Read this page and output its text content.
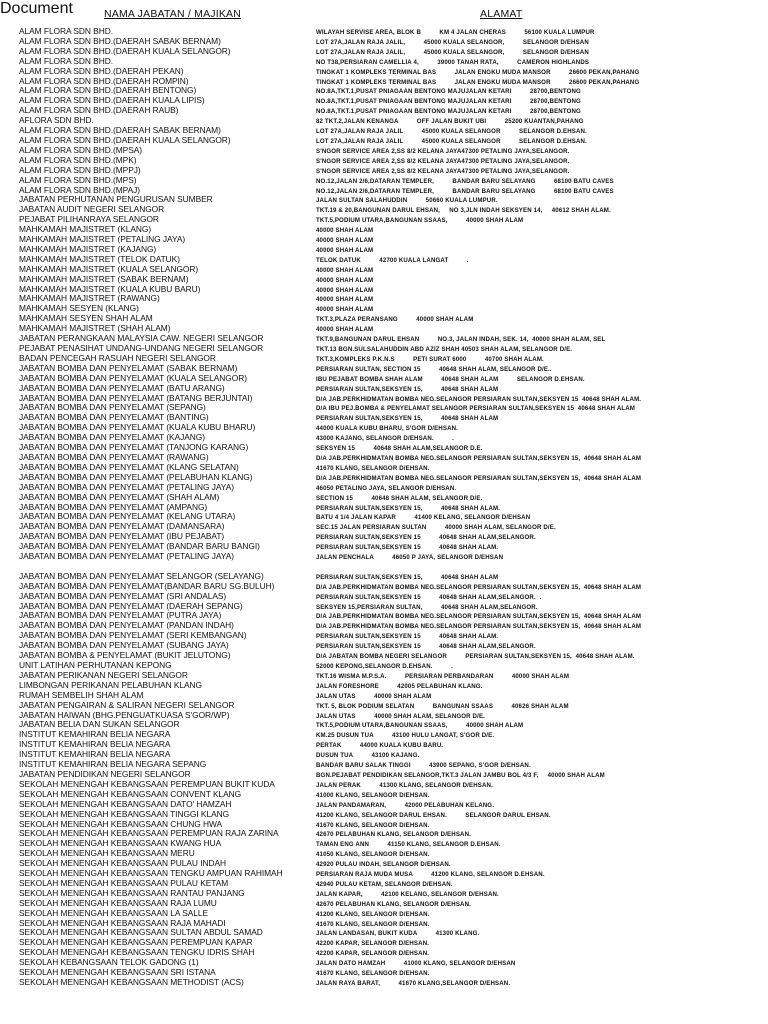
Document	NAMA JABATAN / MAJIKAN	ALAMAT
ALAM FLORA SDN BHD.	WILAYAH SERVISE AREA, BLOK B          KM 4 JALAN CHERAS          56100 KUALA LUMPUR
ALAM FLORA SDN BHD.(DAERAH SABAK BERNAM)	LOT 27A,JALAN RAJA JALIL,          45000 KUALA SELANGOR,          SELANGOR D/EHSAN
ALAM FLORA SDN BHD.(DAERAH KUALA SELANGOR)	LOT 27A,JALAN RAJA JALIL,          45000 KUALA SELANGOR,          SELANGOR D/EHSAN
ALAM FLORA SDN BHD.	NO T38,PERSIARAN CAMELLIA 4,          39000 TANAH RATA,          CAMERON HIGHLANDS
ALAM FLORA SDN BHD.(DAERAH PEKAN)	TINGKAT 1 KOMPLEKS TERMINAL BAS          JALAN ENGKU MUDA MANSOR          26600 PEKAN,PAHANG
ALAM FLORA SDN BHD.(DAERAH ROMPIN)	TINGKAT 1 KOMPLEKS TERMINAL BAS          JALAN ENGKU MUDA MANSOR          26600 PEKAN,PAHANG
ALAM FLORA SDN BHD.(DAERAH BENTONG)	NO.8A,TKT.1,PUSAT PNIAGAAN BENTONG MAJUJALAN KETARI          28700,BENTONG
ALAM FLORA SDN BHD.(DAERAH KUALA LIPIS)	NO.8A,TKT.1,PUSAT PNIAGAAN BENTONG MAJUJALAN KETARI          28700,BENTONG
ALAM FLORA SDN BHD.(DAERAH RAUB)	NO.8A,TKT.1,PUSAT PNIAGAAN BENTONG MAJUJALAN KETARI          28700,BENTONG
AFLORA SDN BHD.	82 TKT.2,JALAN KENANGA          OFF JALAN BUKIT UBI          25200 KUANTAN,PAHANG
ALAM FLORA SDN BHD.(DAERAH SABAK BERNAM)	LOT 27A,JALAN RAJA JALIL          45000 KUALA SELANGOR          SELANGOR D.EHSAN.
ALAM FLORA SDN BHD.(DAERAH KUALA SELANGOR)	LOT 27A,JALAN RAJA JALIL          45000 KUALA SELANGOR          SELANGOR D.EHSAN.
ALAM FLORA SDN BHD.(MPSA)	S'NGOR SERVICE AREA 2,SS 8/2 KELANA JAYA47300 PETALING JAYA,SELANGOR.
ALAM FLORA SDN BHD.(MPK)	S'NGOR SERVICE AREA 2,SS 8/2 KELANA JAYA47300 PETALING JAYA,SELANGOR.
ALAM FLORA SDN BHD.(MPPJ)	S'NGOR SERVICE AREA 2,SS 8/2 KELANA JAYA47300 PETALING JAYA,SELANGOR.
ALAM FLORA SDN BHD.(MPS)	NO.12,JALAN 2/6,DATARAN TEMPLER,          BANDAR BARU SELAYANG          68100 BATU CAVES
ALAM FLORA SDN BHD.(MPAJ)	NO.12,JALAN 2/6,DATARAN TEMPLER,          BANDAR BARU SELAYANG          68100 BATU CAVES
JABATAN PERHUTANAN PENGURUSAN SUMBER	JALAN SULTAN SALAHUDDIN          50660 KUALA LUMPUR.
JABATAN AUDIT NEGERI SELANGOR	TKT.19 & 20,BANGUNAN DARUL EHSAN,     NO 3,JLN INDAH SEKSYEN 14,     40612 SHAH ALAM.
PEJABAT PILIHANRAYA SELANGOR	TKT.5,PODIUM UTARA,BANGUNAN SSAAS,          40000 SHAH ALAM
MAHKAMAH MAJISTRET (KLANG)	40000 SHAH ALAM
MAHKAMAH MAJISTRET (PETALING JAYA)	40000 SHAH ALAM
MAHKAMAH MAJISTRET (KAJANG)	40000 SHAH ALAM
MAHKAMAH MAJISTRET (TELOK DATUK)	TELOK DATUK          42700 KUALA LANGAT          .
MAHKAMAH MAJISTRET (KUALA SELANGOR)	40000 SHAH ALAM
MAHKAMAH MAJISTRET (SABAK BERNAM)	40000 SHAH ALAM
MAHKAMAH MAJISTRET (KUALA KUBU BARU)	40000 SHAH ALAM
MAHKAMAH MAJISTRET (RAWANG)	40000 SHAH ALAM
MAHKAMAH SESYEN (KLANG)	40000 SHAH ALAM
MAHKAMAH SESYEN SHAH ALAM	TKT.3,PLAZA PERANSANG          40000 SHAH ALAM
MAHKAMAH MAJISTRET (SHAH ALAM)	40000 SHAH ALAM
JABATAN PERANGKAAN MALAYSIA CAW. NEGERI SELANGOR	TKT.9,BANGUNAN DARUL EHSAN          NO.3, JALAN INDAH, SEK. 14,  40000 SHAH ALAM, SEL
PEJABAT PENASIHAT UNDANG-UNDANG NEGERI SELANGOR	TKT.13 BGN.SULSALAHUDDIN ABD AZIZ SHAH 40503 SHAH ALAM, SELANGOR D/E.
BADAN PENCEGAH RASUAH NEGERI SELANGOR	TKT.3,KOMPLEKS P.K.N.S          PETI SURAT 6000          40700 SHAH ALAM.
JABATAN BOMBA DAN PENYELAMAT (SABAK BERNAM)	PERSIARAN SULTAN, SECTION 15          40648 SHAH ALAM, SELANGOR D/E..
JABATAN BOMBA DAN PENYELAMAT (KUALA SELANGOR)	IBU PEJABAT BOMBA SHAH ALAM          40648 SHAH ALAM          SELANGOR D.EHSAN.
JABATAN BOMBA DAN PENYELAMAT (BATU ARANG)	PERSIARAN SULTAN,SEKSYEN 15,          40648 SHAH ALAM
JABATAN BOMBA DAN PENYELAMAT (BATANG BERJUNTAI)	D/A JAB.PERKHIDMATAN BOMBA NEG.SELANGOR PERSIARAN SULTAN,SEKSYEN 15  40648 SHAH ALAM.
JABATAN BOMBA DAN PENYELAMAT (SEPANG)	D/A IBU PEJ.BOMBA & PENYELAMAT SELANGOR PERSIARAN SULTAN,SEKSYEN 15  40648 SHAH ALAM
JABATAN BOMBA DAN PENYELAMAT (BANTING)	PERSIARAN SULTAN,SEKSYEN 15,          40648 SHAH ALAM
JABATAN BOMBA DAN PENYELAMAT (KUALA KUBU BHARU)	44000 KUALA KUBU BHARU, S'GOR D/EHSAN.
JABATAN BOMBA DAN PENYELAMAT (KAJANG)	43000 KAJANG, SELANGOR D/EHSAN.          .
JABATAN BOMBA DAN PENYELAMAT (TANJONG KARANG)	SEKSYEN 15          40648 SHAH ALAM,SELANGOR D.E.
JABATAN BOMBA DAN PENYELAMAT (RAWANG)	D/A JAB.PERKHIDMATAN BOMBA NEG.SELANGOR PERSIARAN SULTAN,SEKSYEN 15,  40648 SHAH ALAM
JABATAN BOMBA DAN PENYELAMAT (KLANG SELATAN)	41670 KLANG, SELANGOR D/EHSAN.
JABATAN BOMBA DAN PENYELAMAT (PELABUHAN KLANG)	D/A JAB.PERKHIDMATAN BOMBA NEG.SELANGOR PERSIARAN SULTAN,SEKSYEN 15,  40648 SHAH ALAM
JABATAN BOMBA DAN PENYELAMAT (PETALING JAYA)	46050 PETALING JAYA, SELANGOR D/EHSAN.
JABATAN BOMBA DAN PENYELAMAT (SHAH ALAM)	SECTION 15          40648 SHAH ALAM, SELANGOR D/E.
JABATAN BOMBA DAN PENYELAMAT (AMPANG)	PERSIARAN SULTAN,SEKSYEN 15,          40648 SHAH ALAM.
JABATAN BOMBA DAN PENYELAMAT (KELANG UTARA)	BATU 4 1/4 JALAN KAPAR          41400 KELANG, SELANGOR D/EHSAN
JABATAN BOMBA DAN PENYELAMAT (DAMANSARA)	SEC.15 JALAN PERSIARAN SULTAN          40000 SHAH ALAM, SELANGOR D/E.
JABATAN BOMBA DAN PENYELAMAT (IBU PEJABAT)	PERSIARAN SULTAN,SEKSYEN 15          40648 SHAH ALAM,SELANGOR.
JABATAN BOMBA DAN PENYELAMAT (BANDAR BARU BANGI)	PERSIARAN SULTAN,SEKSYEN 15          40648 SHAH ALAM.
JABATAN BOMBA DAN PENYELAMAT (PETALING JAYA)	JALAN PENCHALA          46050 P JAYA, SELANGOR D/EHSAN
JABATAN BOMBA DAN PENYELAMAT SELANGOR (SELAYANG)	PERSIARAN SULTAN,SEKSYEN 15,          40648 SHAH ALAM
JABATAN BOMBA DAN PENYELAMAT(BANDAR BARU SG.BULUH)	D/A JAB.PERKHIDMATAN BOMBA NEG.SELANGOR PERSIARAN SULTAN,SEKSYEN 15,  40648 SHAH ALAM
JABATAN BOMBA DAN PENYELAMAT (SRI ANDALAS)	PERSIARAN SULTAN,SEKSYEN 15          40648 SHAH ALAM,SELANGOR.  .
JABATAN BOMBA DAN PENYELAMAT (DAERAH SEPANG)	SEKSYEN 15,PERSIARAN SULTAN,          40648 SHAH ALAM,SELANGOR.
JABATAN BOMBA DAN PENYELAMAT (PUTRA JAYA)	D/A JAB.PERKHIDMATAN BOMBA NEG.SELANGOR PERSIARAN SULTAN,SEKSYEN 15,  40648 SHAH ALAM
JABATAN BOMBA DAN PENYELAMAT (PANDAN INDAH)	D/A JAB.PERKHIDMATAN BOMBA NEG.SELANGOR PERSIARAN SULTAN,SEKSYEN 15,  40648 SHAH ALAM
JABATAN BOMBA DAN PENYELAMAT (SERI KEMBANGAN)	PERSIARAN SULTAN,SEKSYEN 15          40648 SHAH ALAM.
JABATAN BOMBA DAN PENYELAMAT (SUBANG JAYA)	PERSIARAN SULTAN,SEKSYEN 15          40648 SHAH ALAM,SELANGOR.
JABATAN BOMBA & PENYELAMAT (BUKIT JELUTONG)	D/A JABATAN BOMBA NEGERI SELANGOR          PERSIARAN SULTAN,SEKSYEN 15,  40648 SHAH ALAM.
UNIT LATIHAN PERHUTANAN KEPONG	52000 KEPONG,SELANGOR D.EHSAN.          .
JABATAN PERIKANAN NEGERI SELANGOR	TKT.16 WISMA M.P.S.A.          PERSIARAN PERBANDARAN          40000 SHAH ALAM
LIMBONGAN PERIKANAN PELABUHAN KLANG	JALAN FORESHORE          42005 PELABUHAN KLANG.
RUMAH SEMBELIH SHAH ALAM	JALAN UTAS          40000 SHAH ALAM
JABATAN PENGAIRAN & SALIRAN NEGERI SELANGOR	TKT. 5, BLOK PODIUM SELATAN          BANGUNAN SSAAS          40626 SHAH ALAM
JABATAN HAIWAN (BHG.PENGUATKUASA S'GOR/WP)	JALAN UTAS          40000 SHAH ALAM, SELANGOR D/E.
JABATAN BELIA DAN SUKAN SELANGOR	TKT.5,PODIUM UTARA,BANGUNAN SSAAS,          40000 SHAH ALAM
INSTITUT KEMAHIRAN BELIA NEGARA	KM.25 DUSUN TUA          43100 HULU LANGAT, S'GOR D/E.
INSTITUT KEMAHIRAN BELIA NEGARA	PERTAK          44000 KUALA KUBU BARU.
INSTITUT KEMAHIRAN BELIA NEGARA	DUSUN TUA          43100 KAJANG.
INSTITUT KEMAHIRAN BELIA NEGARA SEPANG	BANDAR BARU SALAK TINGGI          43900 SEPANG, S'GOR D/EHSAN.
JABATAN PENDIDIKAN NEGERI SELANGOR	BGN.PEJABAT PENDIDIKAN SELANGOR,TKT.3 JALAN JAMBU BOL 4/3 F,     40000 SHAH ALAM
SEKOLAH MENENGAH KEBANGSAAN PEREMPUAN BUKIT KUDA	JALAN PERAK          41300 KLANG, SELANGOR D/EHSAN.
SEKOLAH MENENGAH KEBANGSAAN CONVENT KLANG	41000 KLANG, SELANGOR D/EHSAN.
SEKOLAH MENENGAH KEBANGSAAN DATO' HAMZAH	JALAN PANDAMARAN,          42000 PELABUHAN KELANG.
SEKOLAH MENENGAH KEBANGSAAN TINGGI KLANG	41200 KLANG, SELANGOR DARUL EHSAN.          SELANGOR DARUL EHSAN.
SEKOLAH MENENGAH KEBANGSAAN CHUNG HWA	41670 KLANG, SELANGOR D/EHSAN.
SEKOLAH MENENGAH KEBANGSAAN PEREMPUAN RAJA ZARINA	42670 PELABUHAN KLANG, SELANGOR D/EHSAN.
SEKOLAH MENENGAH KEBANGSAAN KWANG HUA	TAMAN ENG ANN          41150 KLANG, SELANGOR D.EHSAN.
SEKOLAH MENENGAH KEBANGSAAN MERU	41050 KLANG, SELANGOR D/EHSAN.
SEKOLAH MENENGAH KEBANGSAAN PULAU INDAH	42920 PULAU INDAH, SELANGOR D/EHSAN.
SEKOLAH MENENGAH KEBANGSAAN TENGKU AMPUAN RAHIMAH	PERSIARAN RAJA MUDA MUSA          41200 KLANG, SELANGOR D.EHSAN.
SEKOLAH MENENGAH KEBANGSAAN PULAU KETAM	42940 PULAU KETAM, SELANGOR D/EHSAN.
SEKOLAH MENENGAH KEBANGSAAN RANTAU PANJANG	JALAN KAPAR,          42100 KELANG, SELANGOR D/EHSAN.
SEKOLAH MENENGAH KEBANGSAAN RAJA LUMU	42670 PELABUHAN KLANG, SELANGOR D/EHSAN.
SEKOLAH MENENGAH KEBANGSAAN LA SALLE	41200 KLANG, SELANGOR D/EHSAN.
SEKOLAH MENENGAH KEBANGSAAN RAJA MAHADI	41670 KLANG, SELANGOR D/EHSAN.
SEKOLAH MENENGAH KEBANGSAAN SULTAN ABDUL SAMAD	JALAN LANDASAN, BUKIT KUDA          41300 KLANG.
SEKOLAH MENENGAH KEBANGSAAN PEREMPUAN KAPAR	42200 KAPAR, SELANGOR D/EHSAN.
SEKOLAH MENENGAH KEBANGSAAN TENGKU IDRIS SHAH	42200 KAPAR, SELANGOR D/EHSAN.
SEKOLAH KEBANGSAAN TELOK GADONG (1)	JALAN DATO HAMZAH          41000 KLANG, SELANGOR D/EHSAN
SEKOLAH MENENGAH KEBANGSAAN SRI ISTANA	41670 KLANG, SELANGOR D/EHSAN.
SEKOLAH MENENGAH KEBANGSAAN METHODIST (ACS)	JALAN RAYA BARAT,          41670 KLANG,SELANGOR D/EHSAN.
